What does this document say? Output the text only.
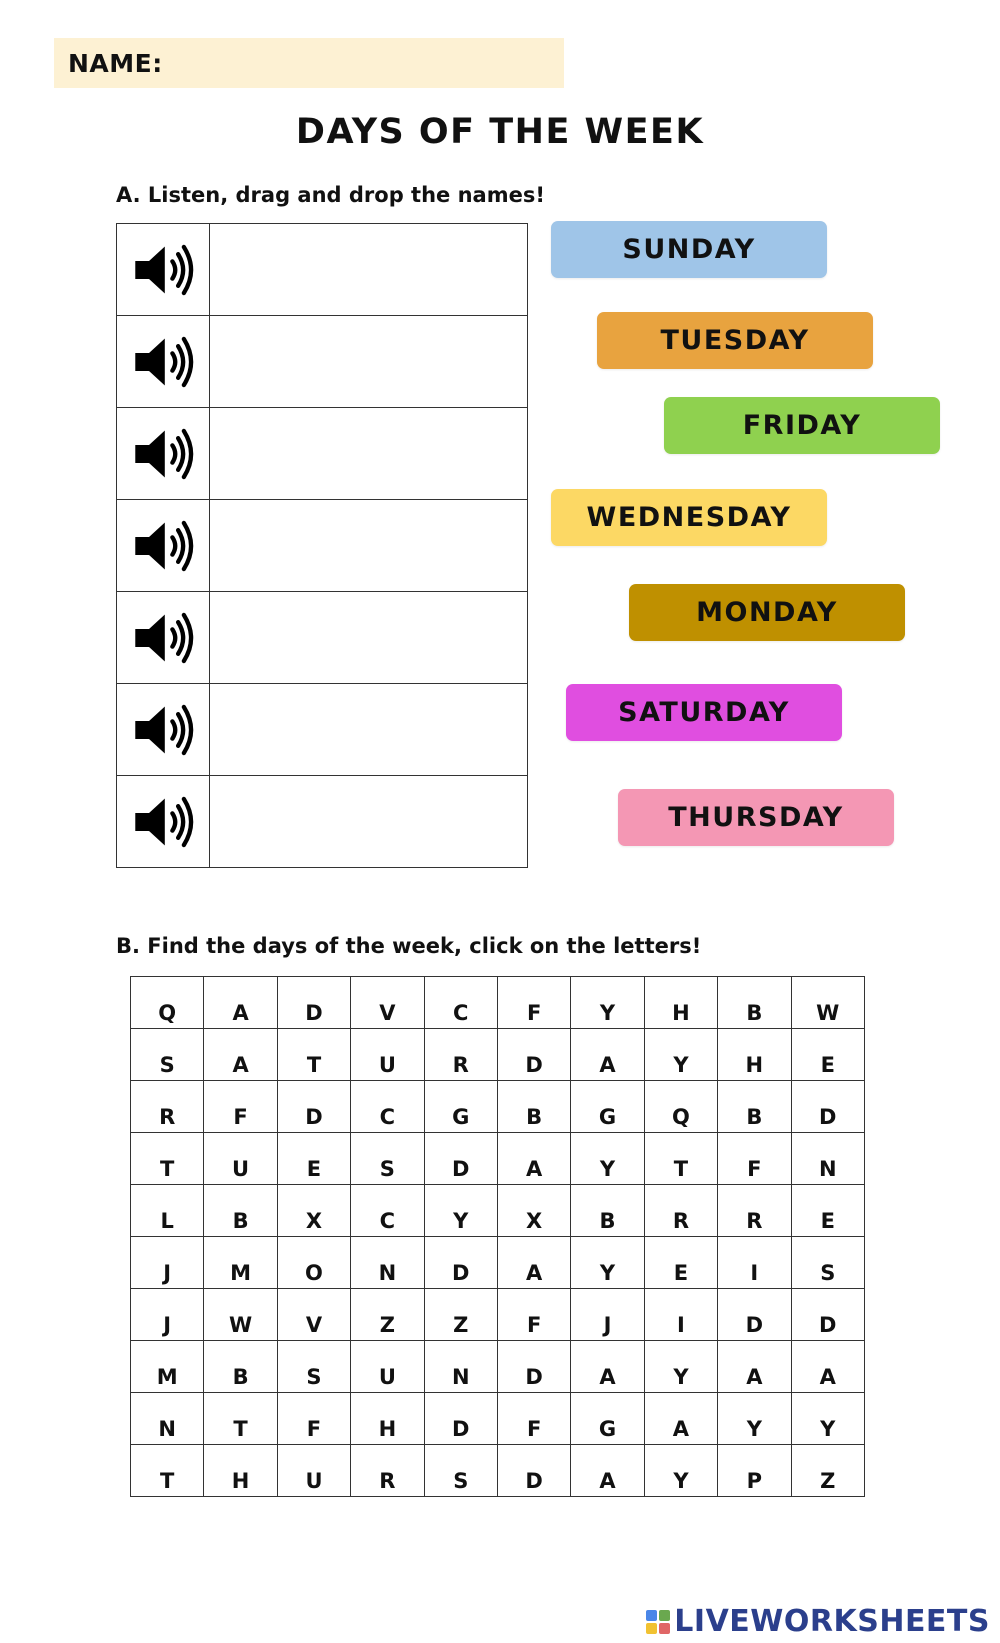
NAME:
DAYS OF THE WEEK

A. Listen, drag and drop the names!

SUNDAY
TUESDAY
FRIDAY
WEDNESDAY
MONDAY
SATURDAY
THURSDAY

B. Find the days of the week, click on the letters!

Q	A	D	V	C	F	Y	H	B	W
S	A	T	U	R	D	A	Y	H	E
R	F	D	C	G	B	G	Q	B	D
T	U	E	S	D	A	Y	T	F	N
L	B	X	C	Y	X	B	R	R	E
J	M	O	N	D	A	Y	E	I	S
J	W	V	Z	Z	F	J	I	D	D
M	B	S	U	N	D	A	Y	A	A
N	T	F	H	D	F	G	A	Y	Y
T	H	U	R	S	D	A	Y	P	Z
LIVEWORKSHEETS
